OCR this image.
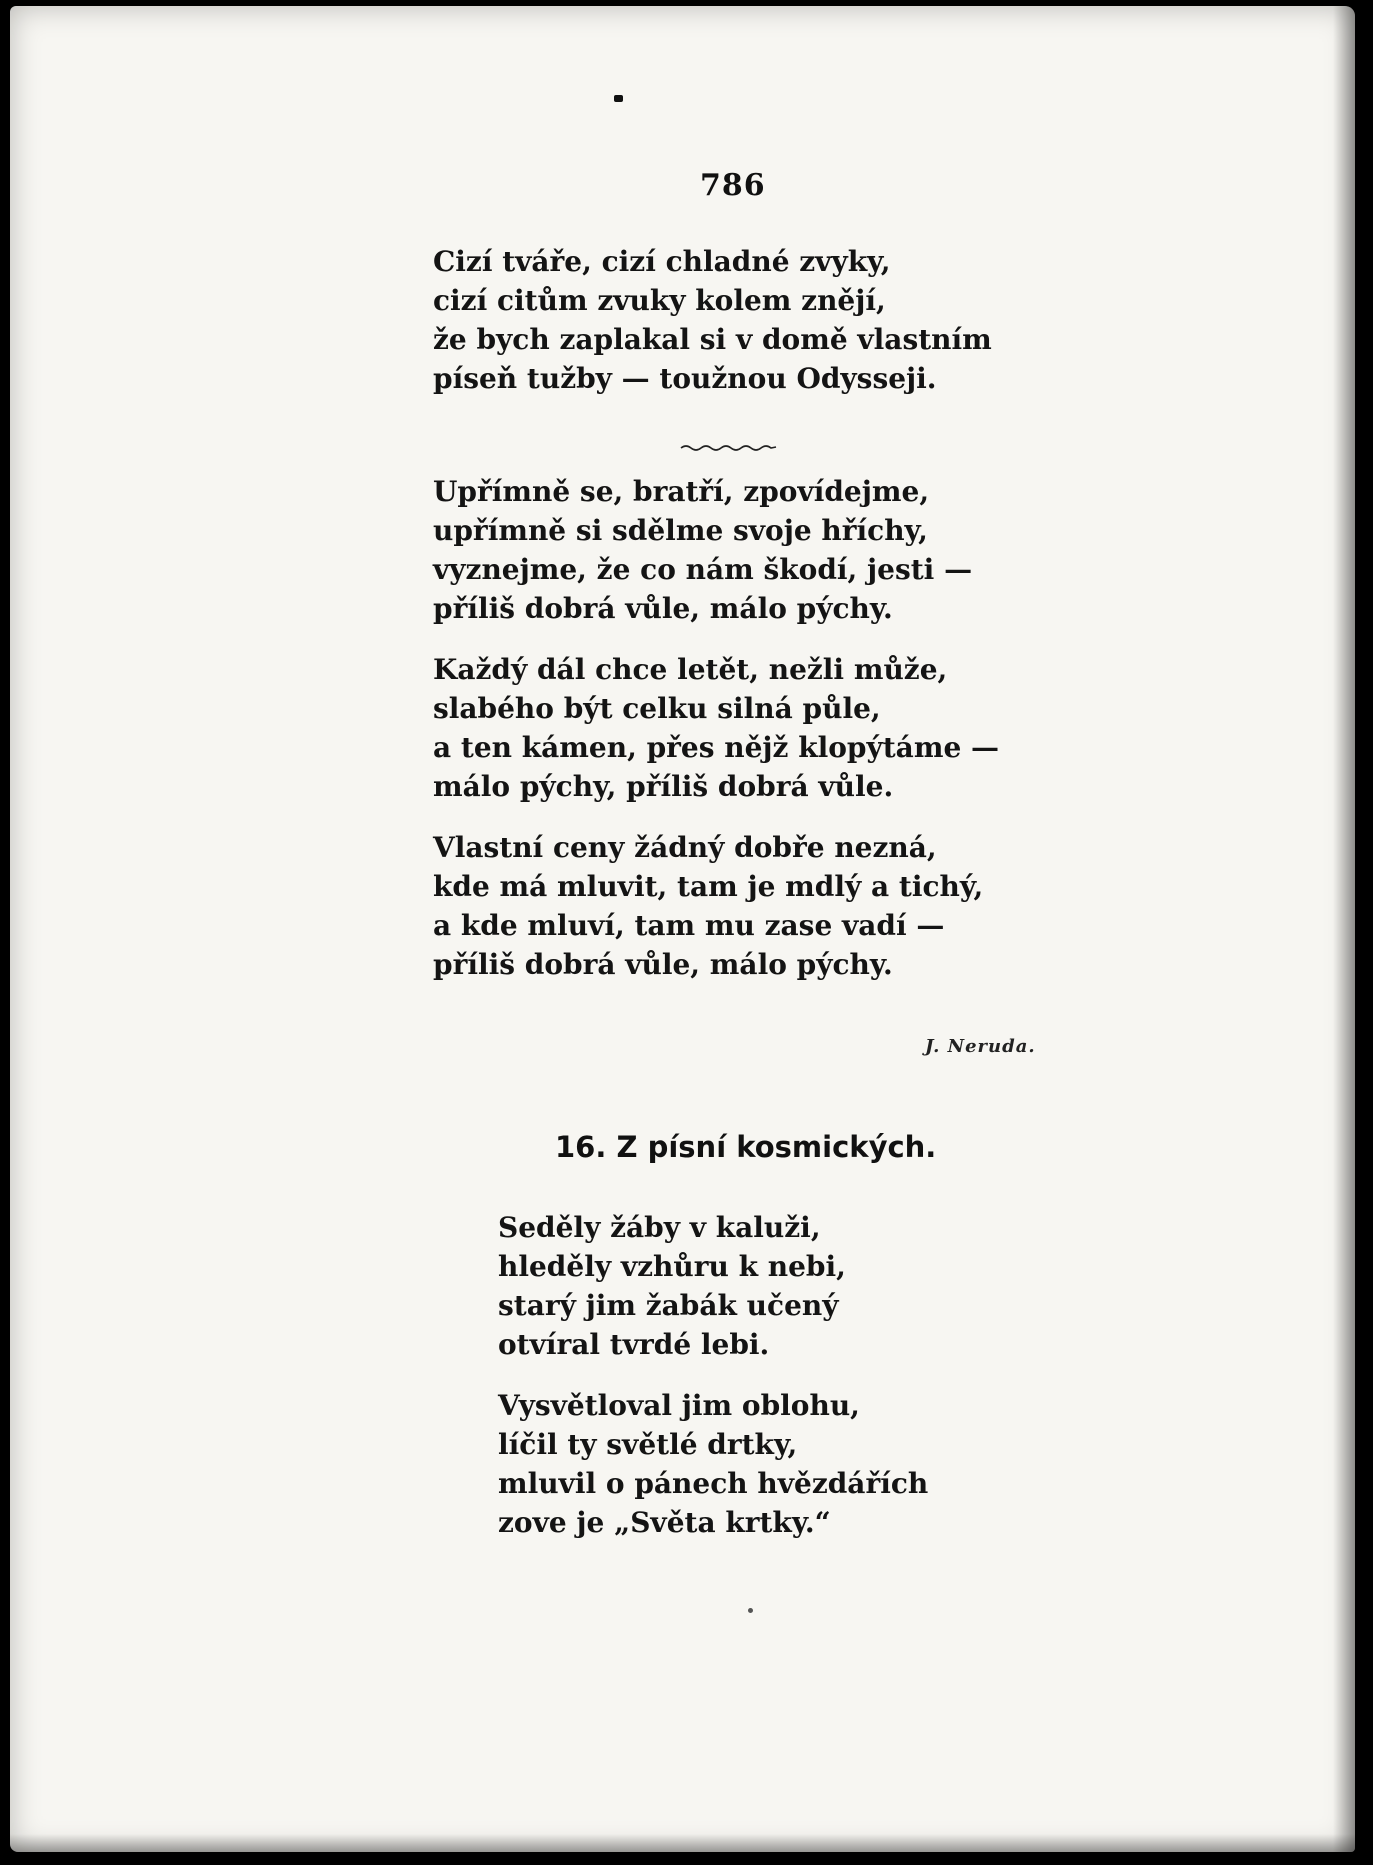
786
Cizí tváře, cizí chladné zvyky,
cizí citům zvuky kolem znějí,
že bych zaplakal si v domě vlastním
píseň tužby — toužnou Odysseji.
Upřímně se, bratří, zpovídejme,
upřímně si sdělme svoje hříchy,
vyznejme, že co nám škodí, jesti —
příliš dobrá vůle, málo pýchy.
Každý dál chce letět, nežli může,
slabého být celku silná půle,
a ten kámen, přes nějž klopýtáme —
málo pýchy, příliš dobrá vůle.
Vlastní ceny žádný dobře nezná,
kde má mluvit, tam je mdlý a tichý,
a kde mluví, tam mu zase vadí —
příliš dobrá vůle, málo pýchy.
J. Neruda.
16. Z písní kosmických.
Seděly žáby v kaluži,
hleděly vzhůru k nebi,
starý jim žabák učený
otvíral tvrdé lebi.
Vysvětloval jim oblohu,
líčil ty světlé drtky,
mluvil o pánech hvězdářích
zove je „Světa krtky.“
